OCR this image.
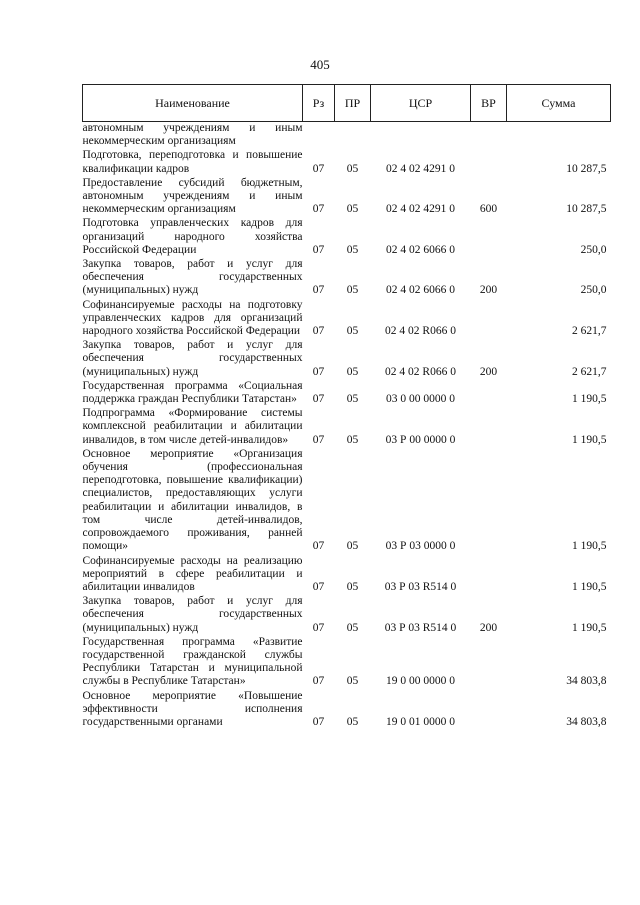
405
Наименование	Рз	ПР	ЦСР	ВР	Сумма
автономным учреждениям и иным некоммерческим организациям					
Подготовка, переподготовка и повышение квалификации кадров	07	05	02 4 02 4291 0		10 287,5
Предоставление субсидий бюджетным, автономным учреждениям и иным некоммерческим организациям	07	05	02 4 02 4291 0	600	10 287,5
Подготовка управленческих кадров для организаций народного хозяйства Российской Федерации	07	05	02 4 02 6066 0		250,0
Закупка товаров, работ и услуг для обеспечения государственных (муниципальных) нужд	07	05	02 4 02 6066 0	200	250,0
Софинансируемые расходы на подготовку управленческих кадров для организаций народного хозяйства Российской Федерации	07	05	02 4 02 R066 0		2 621,7
Закупка товаров, работ и услуг для обеспечения государственных (муниципальных) нужд	07	05	02 4 02 R066 0	200	2 621,7
Государственная программа «Социальная поддержка граждан Республики Татарстан»	07	05	03 0 00 0000 0		1 190,5
Подпрограмма «Формирование системы комплексной реабилитации и абилитации инвалидов, в том числе детей-инвалидов»	07	05	03 Р 00 0000 0		1 190,5
Основное мероприятие «Организация обучения (профессиональная переподготовка, повышение квалификации) специалистов, предоставляющих услуги реабилитации и абилитации инвалидов, в том числе детей-инвалидов, сопровождаемого проживания, ранней помощи»	07	05	03 Р 03 0000 0		1 190,5
Софинансируемые расходы на реализацию мероприятий в сфере реабилитации и абилитации инвалидов	07	05	03 Р 03 R514 0		1 190,5
Закупка товаров, работ и услуг для обеспечения государственных (муниципальных) нужд	07	05	03 Р 03 R514 0	200	1 190,5
Государственная программа «Развитие государственной гражданской службы Республики Татарстан и муниципальной службы в Республике Татарстан»	07	05	19 0 00 0000 0		34 803,8
Основное мероприятие «Повышение эффективности исполнения государственными органами	07	05	19 0 01 0000 0		34 803,8
